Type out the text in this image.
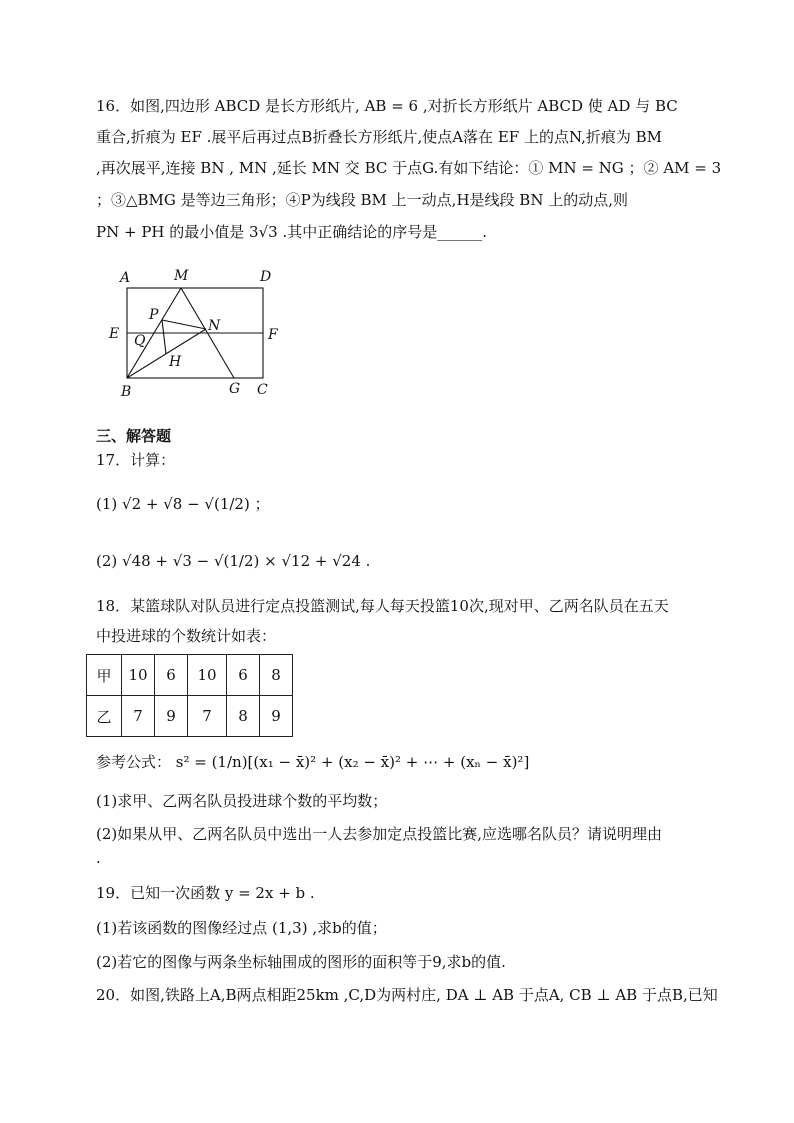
16．如图,四边形 ABCD 是长方形纸片, AB = 6 ,对折长方形纸片 ABCD 使 AD 与 BC
重合,折痕为 EF .展平后再过点B折叠长方形纸片,使点A落在 EF 上的点N,折痕为 BM
,再次展平,连接 BN , MN ,延长 MN 交 BC 于点G.有如下结论：① MN = NG ；② AM = 3
；③△BMG 是等边三角形；④P为线段 BM 上一动点,H是线段 BN 上的动点,则
PN + PH 的最小值是 3√3 .其中正确结论的序号是______.
A	M	D
P
E	N
F
Q
H
B	G C
三、解答题
17．计算：
(1) √2 + √8 − √(1/2) ；
(2) √48 + √3 − √(1/2) × √12 + √24 .
18．某篮球队对队员进行定点投篮测试,每人每天投篮10次,现对甲、乙两名队员在五天
中投进球的个数统计如表：
甲	10	6	10	6	8
乙	7	9	7	8	9
参考公式： s² = (1/n)[(x₁ − x̄)² + (x₂ − x̄)² + ⋯ + (xₙ − x̄)²]
(1)求甲、乙两名队员投进球个数的平均数；
(2)如果从甲、乙两名队员中选出一人去参加定点投篮比赛,应选哪名队员？请说明理由
.
19．已知一次函数 y = 2x + b .
(1)若该函数的图像经过点 (1,3) ,求b的值；
(2)若它的图像与两条坐标轴围成的图形的面积等于9,求b的值.
20．如图,铁路上A,B两点相距25km ,C,D为两村庄, DA ⊥ AB 于点A, CB ⊥ AB 于点B,已知
